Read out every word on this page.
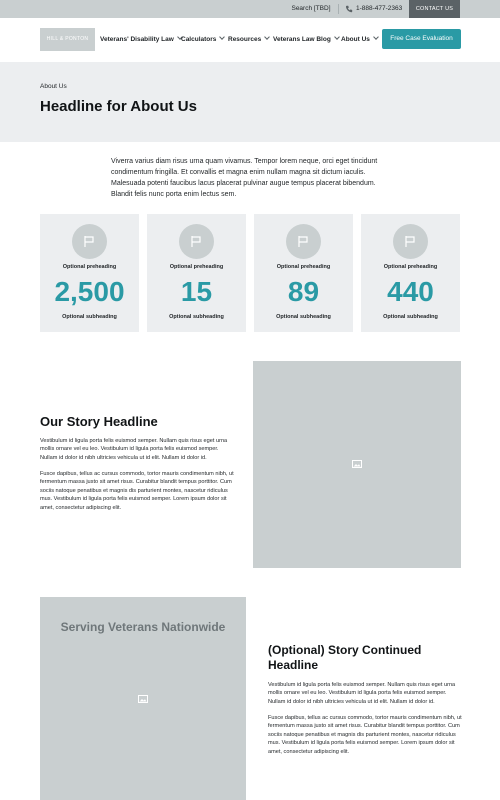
Search [TBD]	1-888-477-2363	CONTACT US
HILL & PONTON	Veterans' Disability Law	Calculators	Resources	Veterans Law Blog	About Us	Free Case Evaluation
About Us
Headline for About Us

Viverra varius diam risus urna quam vivamus. Tempor lorem neque, orci eget tincidunt condimentum fringilla. Et convallis et magna enim nullam magna sit dictum iaculis. Malesuada potenti faucibus lacus placerat pulvinar augue tempus placerat bibendum. Blandit felis nunc porta enim lectus sem.

Optional preheading
2,500
Optional subheading
Optional preheading
15
Optional subheading
Optional preheading
89
Optional subheading
Optional preheading
440
Optional subheading
Our Story Headline

Vestibulum id ligula porta felis euismod semper. Nullam quis risus eget urna mollis ornare vel eu leo. Vestibulum id ligula porta felis euismod semper. Nullam id dolor id nibh ultricies vehicula ut id elit. Nullam id dolor id.

Fusce dapibus, tellus ac cursus commodo, tortor mauris condimentum nibh, ut fermentum massa justo sit amet risus. Curabitur blandit tempus porttitor. Cum sociis natoque penatibus et magnis dis parturient montes, nascetur ridiculus mus. Vestibulum id ligula porta felis euismod semper. Lorem ipsum dolor sit amet, consectetur adipiscing elit.

Serving Veterans Nationwide
(Optional) Story Continued Headline

Vestibulum id ligula porta felis euismod semper. Nullam quis risus eget urna mollis ornare vel eu leo. Vestibulum id ligula porta felis euismod semper. Nullam id dolor id nibh ultricies vehicula ut id elit. Nullam id dolor id.

Fusce dapibus, tellus ac cursus commodo, tortor mauris condimentum nibh, ut fermentum massa justo sit amet risus. Curabitur blandit tempus porttitor. Cum sociis natoque penatibus et magnis dis parturient montes, nascetur ridiculus mus. Vestibulum id ligula porta felis euismod semper. Lorem ipsum dolor sit amet, consectetur adipiscing elit.
